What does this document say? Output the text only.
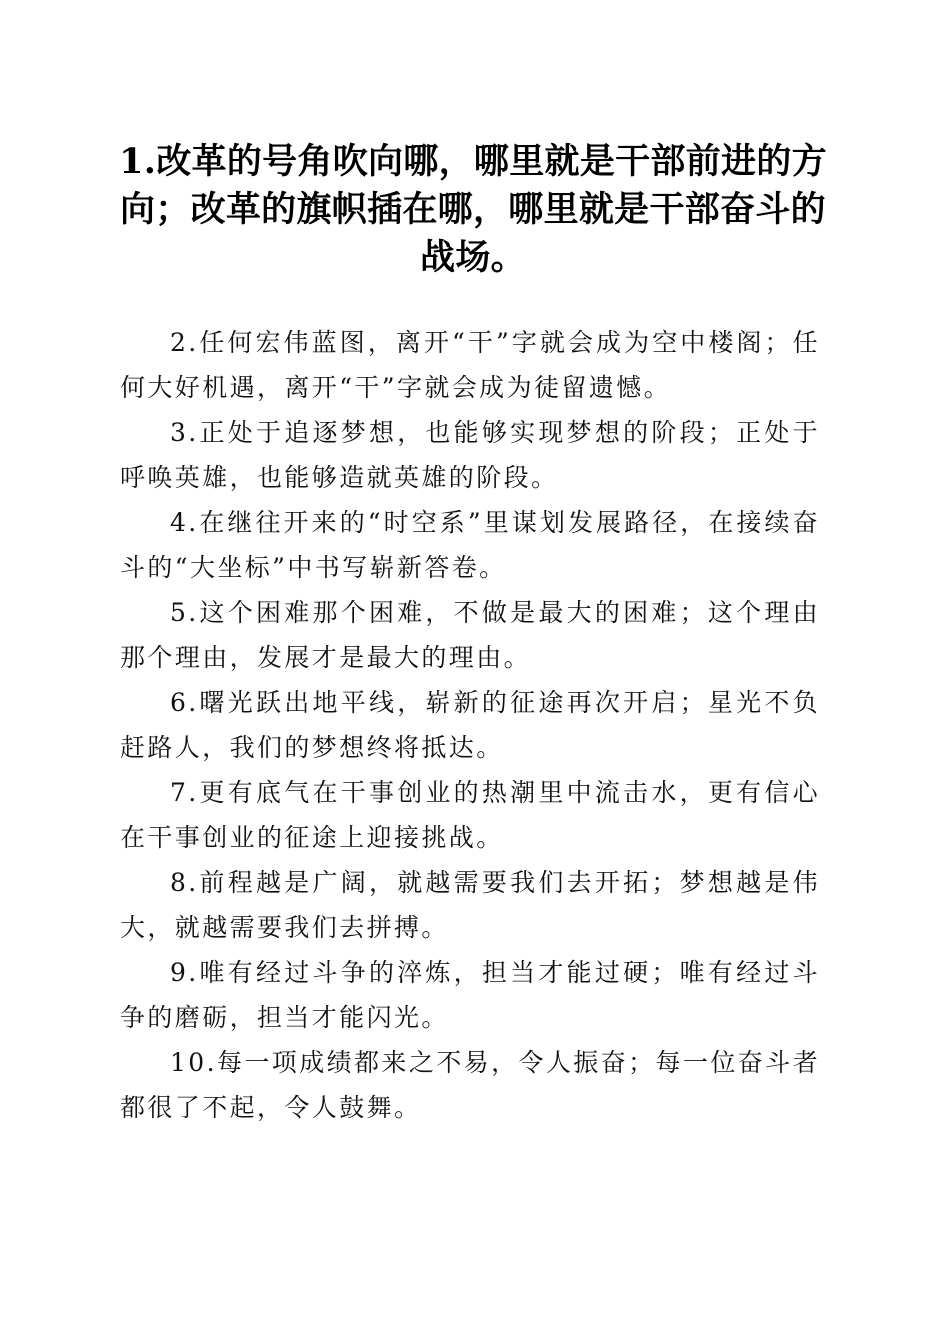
1.改革的号角吹向哪，哪里就是干部前进的方向；改革的旗帜插在哪，哪里就是干部奋斗的战场。

2.任何宏伟蓝图，离开“干”字就会成为空中楼阁；任何大好机遇，离开“干”字就会成为徒留遗憾。

3.正处于追逐梦想，也能够实现梦想的阶段；正处于呼唤英雄，也能够造就英雄的阶段。

4.在继往开来的“时空系”里谋划发展路径，在接续奋斗的“大坐标”中书写崭新答卷。

5.这个困难那个困难，不做是最大的困难；这个理由那个理由，发展才是最大的理由。

6.曙光跃出地平线，崭新的征途再次开启；星光不负赶路人，我们的梦想终将抵达。

7.更有底气在干事创业的热潮里中流击水，更有信心在干事创业的征途上迎接挑战。

8.前程越是广阔，就越需要我们去开拓；梦想越是伟大，就越需要我们去拼搏。

9.唯有经过斗争的淬炼，担当才能过硬；唯有经过斗争的磨砺，担当才能闪光。

10.每一项成绩都来之不易，令人振奋；每一位奋斗者都很了不起，令人鼓舞。
